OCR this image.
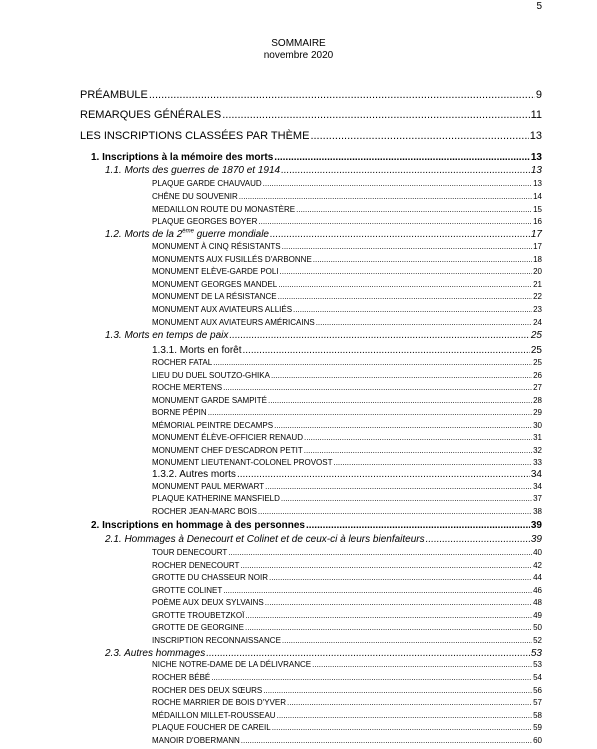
5
SOMMAIRE
novembre 2020
PRÉAMBULE .....	9
REMARQUES GÉNÉRALES .....	11
LES INSCRIPTIONS CLASSÉES PAR THÈME .....	13
1. Inscriptions à la mémoire des morts .....	13
1.1. Morts des guerres de 1870 et 1914 .....	13
PLAQUE GARDE CHAUVAUD .....	13
CHÊNE DU SOUVENIR .....	14
MEDAILLON ROUTE DU MONASTÈRE .....	15
PLAQUE GEORGES BOYER .....	16
1.2. Morts de la 2ème guerre mondiale .....	17
MONUMENT À CINQ RÉSISTANTS .....	17
MONUMENTS AUX FUSILLÉS D'ARBONNE .....	18
MONUMENT ELÈVE-GARDE POLI .....	20
MONUMENT GEORGES MANDEL .....	21
MONUMENT DE LA RÉSISTANCE .....	22
MONUMENT AUX AVIATEURS ALLIÉS .....	23
MONUMENT AUX AVIATEURS AMÉRICAINS .....	24
1.3. Morts en temps de paix .....	25
1.3.1. Morts en forêt .....	25
ROCHER FATAL .....	25
LIEU DU DUEL SOUTZO-GHIKA .....	26
ROCHE MERTENS .....	27
MONUMENT GARDE SAMPITÉ .....	28
BORNE PÉPIN .....	29
MÉMORIAL PEINTRE DECAMPS .....	30
MONUMENT ÉLÈVE-OFFICIER RENAUD .....	31
MONUMENT CHEF D'ESCADRON PETIT .....	32
MONUMENT LIEUTENANT-COLONEL PROVOST .....	33
1.3.2. Autres morts .....	34
MONUMENT PAUL MERWART .....	34
PLAQUE KATHERINE MANSFIELD .....	37
ROCHER JEAN-MARC BOIS .....	38
2. Inscriptions en hommage à des personnes .....	39
2.1. Hommages à Denecourt et Colinet et de ceux-ci à leurs bienfaiteurs .....	39
TOUR DENECOURT .....	40
ROCHER DENECOURT .....	42
GROTTE DU CHASSEUR NOIR .....	44
GROTTE COLINET .....	46
POÈME AUX DEUX SYLVAINS .....	48
GROTTE TROUBETZKOÏ .....	49
GROTTE DE GEORGINE .....	50
INSCRIPTION RECONNAISSANCE .....	52
2.3. Autres hommages .....	53
NICHE NOTRE-DAME DE LA DÉLIVRANCE .....	53
ROCHER BÉBÉ .....	54
ROCHER DES DEUX SŒURS .....	56
ROCHE MARRIER DE BOIS D'YVER .....	57
MÉDAILLON MILLET-ROUSSEAU .....	58
PLAQUE FOUCHER DE CAREIL .....	59
MANOIR D'OBERMANN .....	60
